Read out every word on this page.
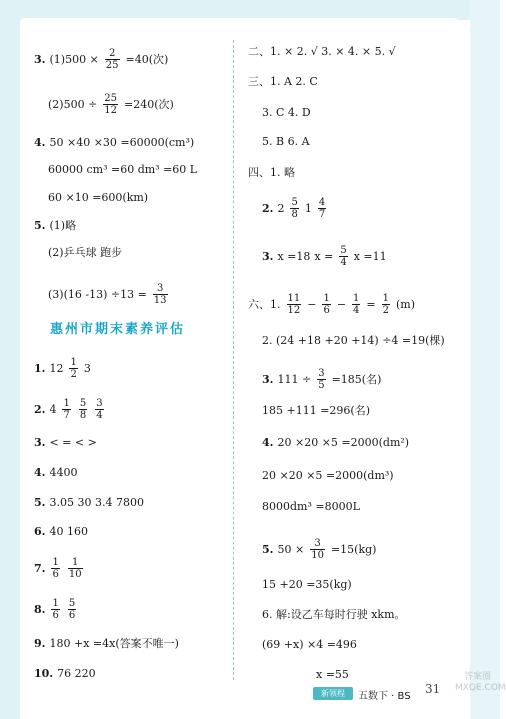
3. $(1)500 \times \frac{2}{25} =40$(次)
$(2)500 \div \frac{25}{12} =240$(次)
4. 50 ×40 ×30 =60000(cm³)
60000 cm³ =60 dm³ =60 L
60 ×10 =600(km)
5. (1)略
(2)乒乓球 跑步
(3)(16 $-13) \div 13 = \frac{3}{13}$
惠州市期末素养评估
1. $12 \frac{1}{2} 3$
2. $4 \frac{1}{7} \frac{5}{8} \frac{3}{4}$
3. < = < >
4. 4400
5. 3.05 30 3.4 7800
6. 40 160
7. $\frac{1}{6} \frac{1}{10}$
8. $\frac{1}{6} \frac{5}{6}$
9. 180 +x =4x(答案不唯一)
10. 76 220
二、1. × 2. √ 3. × 4. × 5. √
三、1. A 2. C
3. C 4. D
5. B 6. A
四、1. 略
2. $2 \frac{5}{8} 1 \frac{4}{7}$
3. x =18 $x = \frac{5}{4}$ x =11
六、1. $\frac{11}{12} - \frac{1}{6} - \frac{1}{4} = \frac{1}{2} (m)$
2. (24 +18 +20 +14) ÷4 =19(棵)
3. $111 \div \frac{3}{5} =185$(名)
185 +111 =296(名)
4. 20 ×20 ×5 =2000(dm²)
20 ×20 ×5 =2000(dm³)
8000dm³ =8000L
5. $50 \times \frac{3}{10} =15(kg)$
15 +20 =35(kg)
6. 解:设乙车每时行驶 xkm。
(69 +x) ×4 =496
x =55
新领程	五数下 · BS
31
答案圈 MXQE.COM
